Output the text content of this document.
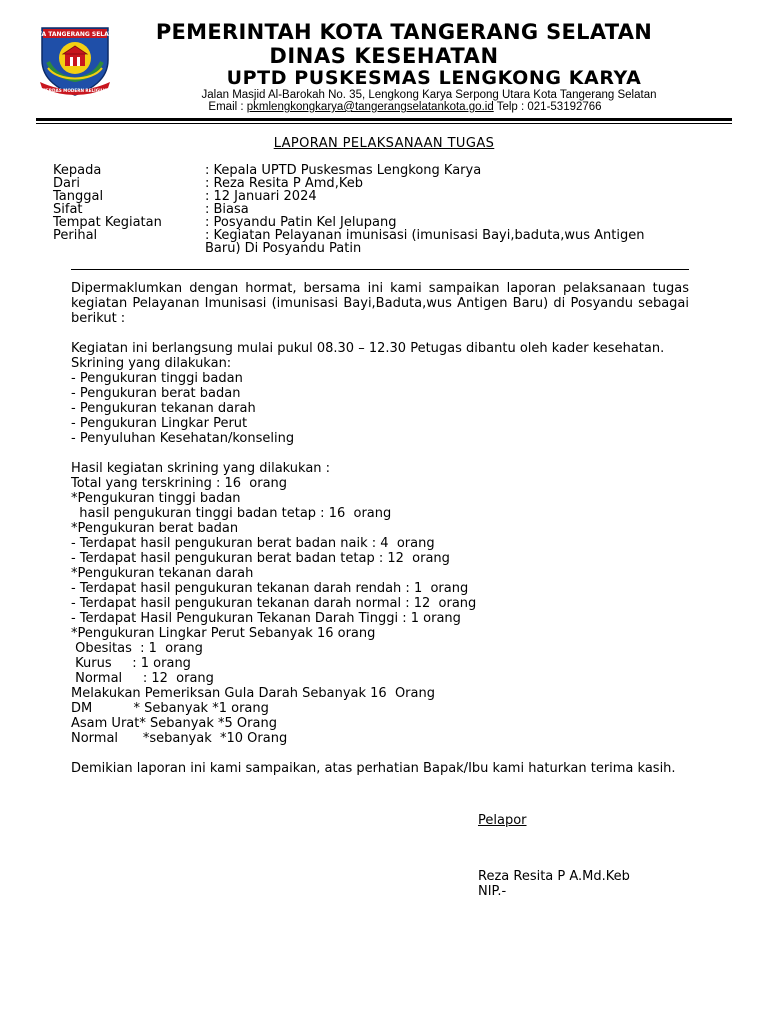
KOTA TANGERANG SELATAN
CERDAS MODERN RELIGIUS
PEMERINTAH KOTA TANGERANG SELATAN
DINAS KESEHATAN
UPTD PUSKESMAS LENGKONG KARYA
Jalan Masjid Al-Barokah No. 35, Lengkong Karya Serpong Utara Kota Tangerang Selatan
Email : pkmlengkongkarya@tangerangselatankota.go.id Telp : 021-53192766
LAPORAN PELAKSANAAN TUGAS
Kepada	: Kepala UPTD Puskesmas Lengkong Karya
Dari	: Reza Resita P Amd,Keb
Tanggal	: 12 Januari 2024
Sifat	: Biasa
Tempat Kegiatan	: Posyandu Patin Kel Jelupang
Perihal	: Kegiatan Pelayanan imunisasi (imunisasi Bayi,baduta,wus Antigen
Baru) Di Posyandu Patin
Dipermaklumkan dengan hormat, bersama ini kami sampaikan laporan pelaksanaan tugas kegiatan Pelayanan Imunisasi (imunisasi Bayi,Baduta,wus Antigen Baru) di Posyandu sebagai berikut :
Kegiatan ini berlangsung mulai pukul 08.30 – 12.30 Petugas dibantu oleh kader kesehatan.
Skrining yang dilakukan:
- Pengukuran tinggi badan
- Pengukuran berat badan
- Pengukuran tekanan darah
- Pengukuran Lingkar Perut
- Penyuluhan Kesehatan/konseling
Hasil kegiatan skrining yang dilakukan :
Total yang terskrining : 16  orang
*Pengukuran tinggi badan
hasil pengukuran tinggi badan tetap : 16  orang
*Pengukuran berat badan
- Terdapat hasil pengukuran berat badan naik : 4  orang
- Terdapat hasil pengukuran berat badan tetap : 12  orang
*Pengukuran tekanan darah
- Terdapat hasil pengukuran tekanan darah rendah : 1  orang
- Terdapat hasil pengukuran tekanan darah normal : 12  orang
- Terdapat Hasil Pengukuran Tekanan Darah Tinggi : 1 orang
*Pengukuran Lingkar Perut Sebanyak 16 orang
Obesitas  : 1  orang
Kurus     : 1 orang
Normal     : 12  orang
Melakukan Pemeriksan Gula Darah Sebanyak 16  Orang
DM          * Sebanyak *1 orang
Asam Urat* Sebanyak *5 Orang
Normal      *sebanyak  *10 Orang
Demikian laporan ini kami sampaikan, atas perhatian Bapak/Ibu kami haturkan terima kasih.
Pelapor
Reza Resita P A.Md.Keb
NIP.-
